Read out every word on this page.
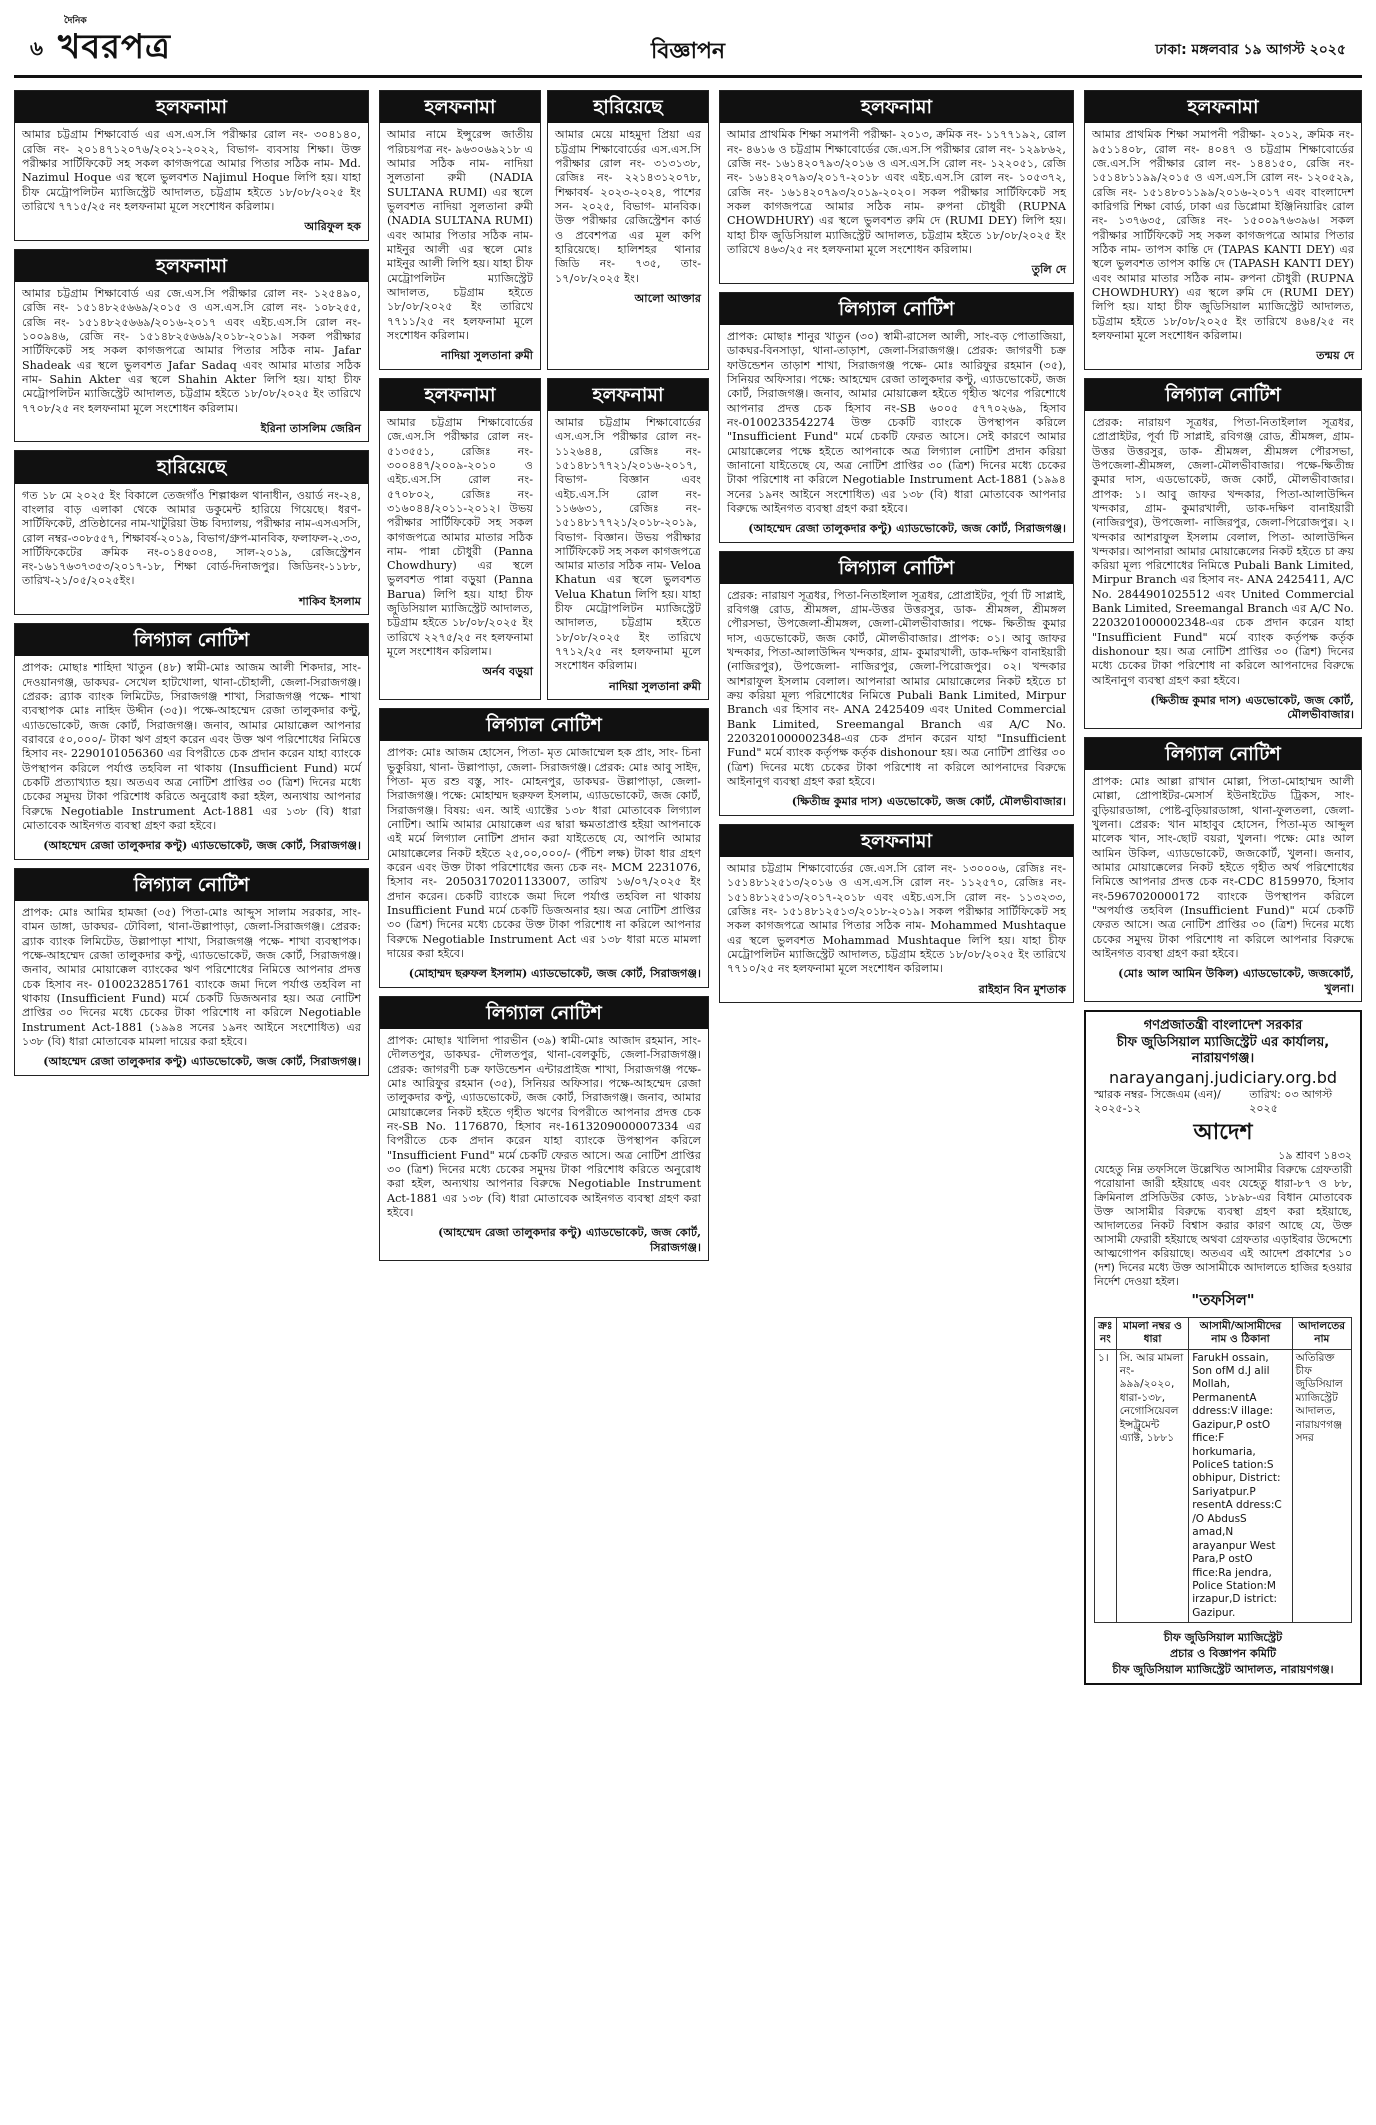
৬
দৈনিক
খবরপত্র	বিজ্ঞাপন	ঢাকা: মঙ্গলবার ১৯ আগস্ট ২০২৫
হলফনামা
আমার চট্টগ্রাম শিক্ষাবোর্ড এর এস.এস.সি পরীক্ষার রোল নং- ৩০৪১৪০, রেজি নং- ২০১৪৭১২০৭৬/২০২১-২০২২, বিভাগ- ব্যবসায় শিক্ষা। উক্ত পরীক্ষার সার্টিফিকেট সহ সকল কাগজপত্রে আমার পিতার সঠিক নাম- Md. Nazimul Hoque এর স্থলে ভুলবশত Najimul Hoque লিপি হয়। যাহা চীফ মেট্রোপলিটন ম্যাজিস্ট্রেট আদালত, চট্টগ্রাম হইতে ১৮/০৮/২০২৫ ইং তারিখে ৭৭১৫/২৫ নং হলফনামা মূলে সংশোধন করিলাম।
আরিফুল হক
হলফনামা
আমার চট্টগ্রাম শিক্ষাবোর্ড এর জে.এস.সি পরীক্ষার রোল নং- ১২৫৪৯০, রেজি নং- ১৫১৪৮২৫৬৬৯/২০১৫ ও এস.এস.সি রোল নং- ১০৮২৫৫, রেজি নং- ১৫১৪৮২৫৬৬৯/২০১৬-২০১৭ এবং এইচ.এস.সি রোল নং- ১০০৯৪৬, রেজি নং- ১৫১৪৮২৫৬৬৯/২০১৮-২০১৯। সকল পরীক্ষার সার্টিফিকেট সহ সকল কাগজপত্রে আমার পিতার সঠিক নাম- Jafar Shadeak এর স্থলে ভুলবশত Jafar Sadaq এবং আমার মাতার সঠিক নাম- Sahin Akter এর স্থলে Shahin Akter লিপি হয়। যাহা চীফ মেট্রোপলিটন ম্যাজিস্ট্রেট আদালত, চট্টগ্রাম হইতে ১৮/০৮/২০২৫ ইং তারিখে ৭৭০৮/২৫ নং হলফনামা মূলে সংশোধন করিলাম।
ইরিনা তাসলিম জেরিন
হারিয়েছে
গত ১৮ মে ২০২৫ ইং বিকালে তেজগাঁও শিল্পাঞ্চল থানাধীন, ওয়ার্ড নং-২৪, বাংলার বাড় এলাকা থেকে আমার ডকুমেন্ট হারিয়ে গিয়েছে। ধরণ-সার্টিফিকেট, প্রতিষ্ঠানের নাম-খাটুরিয়া উচ্চ বিদ্যালয়, পরীক্ষার নাম-এসএসসি, রোল নম্বর-৩০৮৫৫৭, শিক্ষাবর্ষ-২০১৯, বিভাগ/গ্রুপ-মানবিক, ফলাফল-২.৩৩, সার্টিফিকেটের ক্রমিক নং-০১৪৫০৩৪, সাল-২০১৯, রেজিস্ট্রেশন নং-১৬১৭৬৩৭৩৫৩/২০১৭-১৮, শিক্ষা বোর্ড-দিনাজপুর। জিডিনং-১১৮৮, তারিখ-২১/০৫/২০২৫ইং।
শাকিব ইসলাম
লিগ্যাল নোটিশ
প্রাপক: মোছাঃ শাহিদা খাতুন (৪৮) স্বামী-মোঃ আজম আলী শিকদার, সাং-দেওয়ানগঞ্জ, ডাকঘর- সেখেল হাটখোলা, থানা-চৌহালী, জেলা-সিরাজগঞ্জ। প্রেরক: ব্র্যাক ব্যাংক লিমিটেড, সিরাজগঞ্জ শাখা, সিরাজগঞ্জ পক্ষে- শাখা ব্যবস্থাপক মোঃ নাহিদ উদ্দীন (৩৫)। পক্ষে-আহম্মেদ রেজা তালুকদার কণ্টু, এ্যাডভোকেট, জজ কোর্ট, সিরাজগঞ্জ। জনাব, আমার মোয়াক্কেল আপনার বরাবরে ৫০,০০০/- টাকা ঋণ গ্রহণ করেন এবং উক্ত ঋণ পরিশোধের নিমিত্তে হিসাব নং- 2290101056360 এর বিপরীতে চেক প্রদান করেন যাহা ব্যাংকে উপস্থাপন করিলে পর্যাপ্ত তহবিল না থাকায় (Insufficient Fund) মর্মে চেকটি প্রত্যাখ্যাত হয়। অতএব অত্র নোটিশ প্রাপ্তির ৩০ (ত্রিশ) দিনের মধ্যে চেকের সমুদয় টাকা পরিশোধ করিতে অনুরোধ করা হইল, অন্যথায় আপনার বিরুদ্ধে Negotiable Instrument Act-1881 এর ১৩৮ (বি) ধারা মোতাবেক আইনগত ব্যবস্থা গ্রহণ করা হইবে।
(আহম্মেদ রেজা তালুকদার কণ্টু) এ্যাডভোকেট, জজ কোর্ট, সিরাজগঞ্জ।
লিগ্যাল নোটিশ
প্রাপক: মোঃ আমির হামজা (৩৫) পিতা-মোঃ আব্দুস সালাম সরকার, সাং-বামন ডাঙ্গা, ডাকঘর- ঢৌবিলা, থানা-উল্লাপাড়া, জেলা-সিরাজগঞ্জ। প্রেরক: ব্র্যাক ব্যাংক লিমিটেড, উল্লাপাড়া শাখা, সিরাজগঞ্জ পক্ষে- শাখা ব্যবস্থাপক। পক্ষে-আহম্মেদ রেজা তালুকদার কণ্টু, এ্যাডভোকেট, জজ কোর্ট, সিরাজগঞ্জ। জনাব, আমার মোয়াক্কেল ব্যাংকের ঋণ পরিশোধের নিমিত্তে আপনার প্রদত্ত চেক হিসাব নং- 0100232851761 ব্যাংকে জমা দিলে পর্যাপ্ত তহবিল না থাকায় (Insufficient Fund) মর্মে চেকটি ডিজঅনার হয়। অত্র নোটিশ প্রাপ্তির ৩০ দিনের মধ্যে চেকের টাকা পরিশোধ না করিলে Negotiable Instrument Act-1881 (১৯৯৪ সনের ১৯নং আইনে সংশোধিত) এর ১৩৮ (বি) ধারা মোতাবেক মামলা দায়ের করা হইবে।
(আহম্মেদ রেজা তালুকদার কণ্টু) এ্যাডভোকেট, জজ কোর্ট, সিরাজগঞ্জ।
হলফনামা
আমার নামে ইন্সুরেন্স জাতীয় পরিচয়পত্র নং- ৯৬৩০৬৯২১৮ এ আমার সঠিক নাম- নাদিয়া সুলতানা রুমী (NADIA SULTANA RUMI) এর স্থলে ভুলবশত নাদিয়া সুলতানা রুমী (NADIA SULTANA RUMI) এবং আমার পিতার সঠিক নাম- মাইনুর আলী এর স্থলে মোঃ মাইনুর আলী লিপি হয়। যাহা চীফ মেট্রোপলিটন ম্যাজিস্ট্রেট আদালত, চট্টগ্রাম হইতে ১৮/০৮/২০২৫ ইং তারিখে ৭৭১১/২৫ নং হলফনামা মূলে সংশোধন করিলাম।
নাদিয়া সুলতানা রুমী
হারিয়েছে
আমার মেয়ে মাহমুদা প্রিয়া এর চট্টগ্রাম শিক্ষাবোর্ডের এস.এস.সি পরীক্ষার রোল নং- ৩১৩১৩৮, রেজিঃ নং- ২২১৪৩১২০৭৮, শিক্ষাবর্ষ- ২০২৩-২০২৪, পাশের সন- ২০২৫, বিভাগ- মানবিক। উক্ত পরীক্ষার রেজিস্ট্রেশন কার্ড ও প্রবেশপত্র এর মূল কপি হারিয়েছে। হালিশহর থানার জিডি নং- ৭৩৫, তাং- ১৭/০৮/২০২৫ ইং।
আলো আক্তার
হলফনামা
আমার চট্টগ্রাম শিক্ষাবোর্ডের জে.এস.সি পরীক্ষার রোল নং- ৫১৩৫৫১, রেজিঃ নং- ৩০০৪৪৭/২০০৯-২০১০ ও এইচ.এস.সি রোল নং- ৫৭০৮০২, রেজিঃ নং- ৩১৬০৪৪/২০১১-২০১২। উভয় পরীক্ষার সার্টিফিকেট সহ সকল কাগজপত্রে আমার মাতার সঠিক নাম- পান্না চৌধুরী (Panna Chowdhury) এর স্থলে ভুলবশত পান্না বড়ুয়া (Panna Barua) লিপি হয়। যাহা চীফ জুডিসিয়াল ম্যাজিস্ট্রেট আদালত, চট্টগ্রাম হইতে ১৮/০৮/২০২৫ ইং তারিখে ২২৭৫/২৫ নং হলফনামা মূলে সংশোধন করিলাম।
অর্নব বড়ুয়া
হলফনামা
আমার চট্টগ্রাম শিক্ষাবোর্ডের এস.এস.সি পরীক্ষার রোল নং- ১১২৬৪৪, রেজিঃ নং- ১৫১৪৮১৭৭২১/২০১৬-২০১৭, বিভাগ- বিজ্ঞান এবং এইচ.এস.সি রোল নং- ১১৬৬৩১, রেজিঃ নং- ১৫১৪৮১৭৭২১/২০১৮-২০১৯, বিভাগ- বিজ্ঞান। উভয় পরীক্ষার সার্টিফিকেট সহ সকল কাগজপত্রে আমার মাতার সঠিক নাম- Veloa Khatun এর স্থলে ভুলবশত Velua Khatun লিপি হয়। যাহা চীফ মেট্রোপলিটন ম্যাজিস্ট্রেট আদালত, চট্টগ্রাম হইতে ১৮/০৮/২০২৫ ইং তারিখে ৭৭১২/২৫ নং হলফনামা মূলে সংশোধন করিলাম।
নাদিয়া সুলতানা রুমী
লিগ্যাল নোটিশ
প্রাপক: মোঃ আজম হোসেন, পিতা- মৃত মোজাম্মেল হক প্রাং, সাং- চিনা ভুকুরিয়া, থানা- উল্লাপাড়া, জেলা- সিরাজগঞ্জ। প্রেরক: মোঃ আবু সাইদ, পিতা- মৃত রশু বস্তু, সাং- মোহনপুর, ডাকঘর- উল্লাপাড়া, জেলা- সিরাজগঞ্জ। পক্ষে: মোহাম্মদ ছরুফল ইসলাম, এ্যাডভোকেট, জজ কোর্ট, সিরাজগঞ্জ। বিষয়: এন. আই এ্যাক্টের ১৩৮ ধারা মোতাবেক লিগ্যাল নোটিশ। আমি আমার মোয়াক্কেল এর দ্বারা ক্ষমতাপ্রাপ্ত হইয়া আপনাকে এই মর্মে লিগ্যাল নোটিশ প্রদান করা যাইতেছে যে, আপনি আমার মোয়াক্কেলের নিকট হইতে ২৫,০০,০০০/- (পঁচিশ লক্ষ) টাকা ধার গ্রহণ করেন এবং উক্ত টাকা পরিশোধের জন্য চেক নং- MCM 2231076, হিসাব নং- 20503170201133007, তারিখ ১৬/০৭/২০২৫ ইং প্রদান করেন। চেকটি ব্যাংকে জমা দিলে পর্যাপ্ত তহবিল না থাকায় Insufficient Fund মর্মে চেকটি ডিজঅনার হয়। অত্র নোটিশ প্রাপ্তির ৩০ (ত্রিশ) দিনের মধ্যে চেকের উক্ত টাকা পরিশোধ না করিলে আপনার বিরুদ্ধে Negotiable Instrument Act এর ১৩৮ ধারা মতে মামলা দায়ের করা হইবে।
(মোহাম্মদ ছরুফল ইসলাম) এ্যাডভোকেট, জজ কোর্ট, সিরাজগঞ্জ।
লিগ্যাল নোটিশ
প্রাপক: মোছাঃ খালিদা পারভীন (৩৯) স্বামী-মোঃ আজাদ রহমান, সাং-দৌলতপুর, ডাকঘর- দৌলতপুর, থানা-বেলকুচি, জেলা-সিরাজগঞ্জ। প্রেরক: জাগরণী চক্র ফাউন্ডেশন এন্টারপ্রাইজ শাখা, সিরাজগঞ্জ পক্ষে- মোঃ আরিফুর রহমান (৩৫), সিনিয়র অফিসার। পক্ষে-আহম্মেদ রেজা তালুকদার কণ্টু, এ্যাডভোকেট, জজ কোর্ট, সিরাজগঞ্জ। জনাব, আমার মোয়াক্কেলের নিকট হইতে গৃহীত ঋণের বিপরীতে আপনার প্রদত্ত চেক নং-SB No. 1176870, হিসাব নং-1613209000007334 এর বিপরীতে চেক প্রদান করেন যাহা ব্যাংকে উপস্থাপন করিলে "Insufficient Fund" মর্মে চেকটি ফেরত আসে। অত্র নোটিশ প্রাপ্তির ৩০ (ত্রিশ) দিনের মধ্যে চেকের সমুদয় টাকা পরিশোধ করিতে অনুরোধ করা হইল, অন্যথায় আপনার বিরুদ্ধে Negotiable Instrument Act-1881 এর ১৩৮ (বি) ধারা মোতাবেক আইনগত ব্যবস্থা গ্রহণ করা হইবে।
(আহম্মেদ রেজা তালুকদার কণ্টু) এ্যাডভোকেট, জজ কোর্ট, সিরাজগঞ্জ।
হলফনামা
আমার প্রাথমিক শিক্ষা সমাপনী পরীক্ষা- ২০১৩, ক্রমিক নং- ১১৭৭১৯২, রোল নং- ৪৬১৬ ও চট্টগ্রাম শিক্ষাবোর্ডের জে.এস.সি পরীক্ষার রোল নং- ১২৯৮৬২, রেজি নং- ১৬১৪২০৭৯৩/২০১৬ ও এস.এস.সি রোল নং- ১২২০৫১, রেজি নং- ১৬১৪২০৭৯৩/২০১৭-২০১৮ এবং এইচ.এস.সি রোল নং- ১০৫৩৭২, রেজি নং- ১৬১৪২০৭৯৩/২০১৯-২০২০। সকল পরীক্ষার সার্টিফিকেট সহ সকল কাগজপত্রে আমার সঠিক নাম- রুপনা চৌধুরী (RUPNA CHOWDHURY) এর স্থলে ভুলবশত রুমি দে (RUMI DEY) লিপি হয়। যাহা চীফ জুডিসিয়াল ম্যাজিস্ট্রেট আদালত, চট্টগ্রাম হইতে ১৮/০৮/২০২৫ ইং তারিখে ৪৬৩/২৫ নং হলফনামা মূলে সংশোধন করিলাম।
তুলি দে
লিগ্যাল নোটিশ
প্রাপক: মোছাঃ শানুর খাতুন (৩০) স্বামী-রাসেল আলী, সাং-বড় পোতাজিয়া, ডাকঘর-বিনসাড়া, থানা-তাড়াশ, জেলা-সিরাজগঞ্জ। প্রেরক: জাগরণী চক্র ফাউন্ডেশন তাড়াশ শাখা, সিরাজগঞ্জ পক্ষে- মোঃ আরিফুর রহমান (৩৫), সিনিয়র অফিসার। পক্ষে: আহম্মেদ রেজা তালুকদার কণ্টু, এ্যাডভোকেট, জজ কোর্ট, সিরাজগঞ্জ। জনাব, আমার মোয়াক্কেল হইতে গৃহীত ঋণের পরিশোধে আপনার প্রদত্ত চেক হিসাব নং-SB ৬০০৫ ৫৭৭০২৬৯, হিসাব নং-0100233542274 উক্ত চেকটি ব্যাংকে উপস্থাপন করিলে "Insufficient Fund" মর্মে চেকটি ফেরত আসে। সেই কারণে আমার মোয়াক্কেলের পক্ষে হইতে আপনাকে অত্র লিগ্যাল নোটিশ প্রদান করিয়া জানানো যাইতেছে যে, অত্র নোটিশ প্রাপ্তির ৩০ (ত্রিশ) দিনের মধ্যে চেকের টাকা পরিশোধ না করিলে Negotiable Instrument Act-1881 (১৯৯৪ সনের ১৯নং আইনে সংশোধিত) এর ১৩৮ (বি) ধারা মোতাবেক আপনার বিরুদ্ধে আইনগত ব্যবস্থা গ্রহণ করা হইবে।
(আহম্মেদ রেজা তালুকদার কণ্টু) এ্যাডভোকেট, জজ কোর্ট, সিরাজগঞ্জ।
লিগ্যাল নোটিশ
প্রেরক: নারায়ণ সূত্রধর, পিতা-নিতাইলাল সূত্রধর, প্রোপ্রাইটর, পূর্বা টি সাপ্লাই, রবিগঞ্জ রোড, শ্রীমঙ্গল, গ্রাম-উত্তর উত্তরসুর, ডাক- শ্রীমঙ্গল, শ্রীমঙ্গল পৌরসভা, উপজেলা-শ্রীমঙ্গল, জেলা-মৌলভীবাজার। পক্ষে- ক্ষিতীন্দ্র কুমার দাস, এডভোকেট, জজ কোর্ট, মৌলভীবাজার। প্রাপক: ০১। আবু জাফর খন্দকার, পিতা-আলাউদ্দিন খন্দকার, গ্রাম- কুমারখালী, ডাক-দক্ষিণ বানাইয়ারী (নাজিরপুর), উপজেলা- নাজিরপুর, জেলা-পিরোজপুর। ০২। খন্দকার আশরাফুল ইসলাম বেলাল। আপনারা আমার মোয়াক্কেলের নিকট হইতে চা ক্রয় করিয়া মূল্য পরিশোধের নিমিত্তে Pubali Bank Limited, Mirpur Branch এর হিসাব নং- ANA 2425409 এবং United Commercial Bank Limited, Sreemangal Branch এর A/C No. 2203201000002348-এর চেক প্রদান করেন যাহা "Insufficient Fund" মর্মে ব্যাংক কর্তৃপক্ষ কর্তৃক dishonour হয়। অত্র নোটিশ প্রাপ্তির ৩০ (ত্রিশ) দিনের মধ্যে চেকের টাকা পরিশোধ না করিলে আপনাদের বিরুদ্ধে আইনানুগ ব্যবস্থা গ্রহণ করা হইবে।
(ক্ষিতীন্দ্র কুমার দাস) এডভোকেট, জজ কোর্ট, মৌলভীবাজার।
হলফনামা
আমার চট্টগ্রাম শিক্ষাবোর্ডের জে.এস.সি রোল নং- ১৩০০০৬, রেজিঃ নং- ১৫১৪৮১২৫১৩/২০১৬ ও এস.এস.সি রোল নং- ১১২৫৭০, রেজিঃ নং- ১৫১৪৮১২৫১৩/২০১৭-২০১৮ এবং এইচ.এস.সি রোল নং- ১১৩২৩৩, রেজিঃ নং- ১৫১৪৮১২৫১৩/২০১৮-২০১৯। সকল পরীক্ষার সার্টিফিকেট সহ সকল কাগজপত্রে আমার পিতার সঠিক নাম- Mohammed Mushtaque এর স্থলে ভুলবশত Mohammad Mushtaque লিপি হয়। যাহা চীফ মেট্রোপলিটন ম্যাজিস্ট্রেট আদালত, চট্টগ্রাম হইতে ১৮/০৮/২০২৫ ইং তারিখে ৭৭১০/২৫ নং হলফনামা মূলে সংশোধন করিলাম।
রাইহান বিন মুশতাক
হলফনামা
আমার প্রাথমিক শিক্ষা সমাপনী পরীক্ষা- ২০১২, ক্রমিক নং- ৯৫১১৪০৮, রোল নং- ৪০৪৭ ও চট্টগ্রাম শিক্ষাবোর্ডের জে.এস.সি পরীক্ষার রোল নং- ১৪৪১৫০, রেজি নং- ১৫১৪৮১১৯৯/২০১৫ ও এস.এস.সি রোল নং- ১২০৫২৯, রেজি নং- ১৫১৪৮০১১৯৯/২০১৬-২০১৭ এবং বাংলাদেশ কারিগরি শিক্ষা বোর্ড, ঢাকা এর ডিপ্লোমা ইঞ্জিনিয়ারিং রোল নং- ১৩৭৬৩৫, রেজিঃ নং- ১৫০০৯৭৬৩৯৬। সকল পরীক্ষার সার্টিফিকেট সহ সকল কাগজপত্রে আমার পিতার সঠিক নাম- তাপস কান্তি দে (TAPAS KANTI DEY) এর স্থলে ভুলবশত তাপস কান্তি দে (TAPASH KANTI DEY) এবং আমার মাতার সঠিক নাম- রুপনা চৌধুরী (RUPNA CHOWDHURY) এর স্থলে রুমি দে (RUMI DEY) লিপি হয়। যাহা চীফ জুডিসিয়াল ম্যাজিস্ট্রেট আদালত, চট্টগ্রাম হইতে ১৮/০৮/২০২৫ ইং তারিখে ৪৬৪/২৫ নং হলফনামা মূলে সংশোধন করিলাম।
তন্ময় দে
লিগ্যাল নোটিশ
প্রেরক: নারায়ণ সূত্রধর, পিতা-নিতাইলাল সূত্রধর, প্রোপ্রাইটর, পূর্বা টি সাপ্লাই, রবিগঞ্জ রোড, শ্রীমঙ্গল, গ্রাম-উত্তর উত্তরসুর, ডাক- শ্রীমঙ্গল, শ্রীমঙ্গল পৌরসভা, উপজেলা-শ্রীমঙ্গল, জেলা-মৌলভীবাজার। পক্ষে-ক্ষিতীন্দ্র কুমার দাস, এডভোকেট, জজ কোর্ট, মৌলভীবাজার। প্রাপক: ১। আবু জাফর খন্দকার, পিতা-আলাউদ্দিন খন্দকার, গ্রাম- কুমারখালী, ডাক-দক্ষিণ বানাইয়ারী (নাজিরপুর), উপজেলা- নাজিরপুর, জেলা-পিরোজপুর। ২। খন্দকার আশরাফুল ইসলাম বেলাল, পিতা- আলাউদ্দিন খন্দকার। আপনারা আমার মোয়াক্কেলের নিকট হইতে চা ক্রয় করিয়া মূল্য পরিশোধের নিমিত্তে Pubali Bank Limited, Mirpur Branch এর হিসাব নং- ANA 2425411, A/C No. 2844901025512 এবং United Commercial Bank Limited, Sreemangal Branch এর A/C No. 2203201000002348-এর চেক প্রদান করেন যাহা "Insufficient Fund" মর্মে ব্যাংক কর্তৃপক্ষ কর্তৃক dishonour হয়। অত্র নোটিশ প্রাপ্তির ৩০ (ত্রিশ) দিনের মধ্যে চেকের টাকা পরিশোধ না করিলে আপনাদের বিরুদ্ধে আইনানুগ ব্যবস্থা গ্রহণ করা হইবে।
(ক্ষিতীন্দ্র কুমার দাস) এডভোকেট, জজ কোর্ট, মৌলভীবাজার।
লিগ্যাল নোটিশ
প্রাপক: মোঃ আল্লা রাখান মোল্লা, পিতা-মোহাম্মদ আলী মোল্লা, প্রোপাইটর-মেসার্স ইউনাইটেড ট্রিকস, সাং-বুড়িয়ারডাঙ্গা, পোষ্ট-বুড়িয়ারডাঙ্গা, থানা-ফুলতলা, জেলা-খুলনা। প্রেরক: খান মাহাবুব হোসেন, পিতা-মৃত আব্দুল মালেক খান, সাং-ছোট বয়রা, খুলনা। পক্ষে: মোঃ আল আমিন উকিল, এ্যাডভোকেট, জজকোর্ট, খুলনা। জনাব, আমার মোয়াক্কেলের নিকট হইতে গৃহীত অর্থ পরিশোধের নিমিত্তে আপনার প্রদত্ত চেক নং-CDC 8159970, হিসাব নং-5967020000172 ব্যাংকে উপস্থাপন করিলে "অপর্যাপ্ত তহবিল (Insufficient Fund)" মর্মে চেকটি ফেরত আসে। অত্র নোটিশ প্রাপ্তির ৩০ (ত্রিশ) দিনের মধ্যে চেকের সমুদয় টাকা পরিশোধ না করিলে আপনার বিরুদ্ধে আইনগত ব্যবস্থা গ্রহণ করা হইবে।
(মোঃ আল আমিন উকিল) এ্যাডভোকেট, জজকোর্ট, খুলনা।
গণপ্রজাতন্ত্রী বাংলাদেশ সরকার
চীফ জুডিসিয়াল ম্যাজিস্ট্রেট এর কার্যালয়, নারায়ণগঞ্জ।
narayanganj.judiciary.org.bd
স্মারক নম্বর- সিজেএম (এন)/২০২৫-১২
তারিখ: ০৩ আগস্ট ২০২৫
আদেশ
১৯ শ্রাবণ ১৪৩২

যেহেতু নিম্ন তফসিলে উল্লেখিত আসামীর বিরুদ্ধে গ্রেফতারী পরোয়ানা জারী হইয়াছে এবং যেহেতু ধারা-৮৭ ও ৮৮, ক্রিমিনাল প্রসিডিউর কোড, ১৮৯৮-এর বিধান মোতাবেক উক্ত আসামীর বিরুদ্ধে ব্যবস্থা গ্রহণ করা হইয়াছে, আদালতের নিকট বিশ্বাস করার কারণ আছে যে, উক্ত আসামী ফেরারী হইয়াছে অথবা গ্রেফতার এড়াইবার উদ্দেশ্যে আত্মগোপন করিয়াছে। অতএব এই আদেশ প্রকাশের ১০ (দশ) দিনের মধ্যে উক্ত আসামীকে আদালতে হাজির হওয়ার নির্দেশ দেওয়া হইল।

"তফসিল"
ক্রঃ নং	মামলা নম্বর ও ধারা	আসামী/আসামীদের নাম ও ঠিকানা	আদালতের নাম
১।	সি. আর মামলা নং- ৯৯৯/২০২০, ধারা-১৩৮, নেগোসিয়েবল ইন্সট্রুমেন্ট এ্যাক্ট, ১৮৮১	FarukH ossain, Son ofM d.J alil Mollah, PermanentA ddress:V illage: Gazipur,P ostO ffice:F horkumaria, PoliceS tation:S obhipur, District: Sariyatpur.P resentA ddress:C /O AbdusS amad,N arayanpur West Para,P ostO ffice:Ra jendra, Police Station:M irzapur,D istrict: Gazipur.	অতিরিক্ত চীফ জুডিসিয়াল ম্যাজিস্ট্রেট আদালত, নারায়ণগঞ্জ সদর
চীফ জুডিসিয়াল ম্যাজিস্ট্রেট
প্রচার ও বিজ্ঞাপন কমিটি
চীফ জুডিসিয়াল ম্যাজিস্ট্রেট আদালত, নারায়ণগঞ্জ।
